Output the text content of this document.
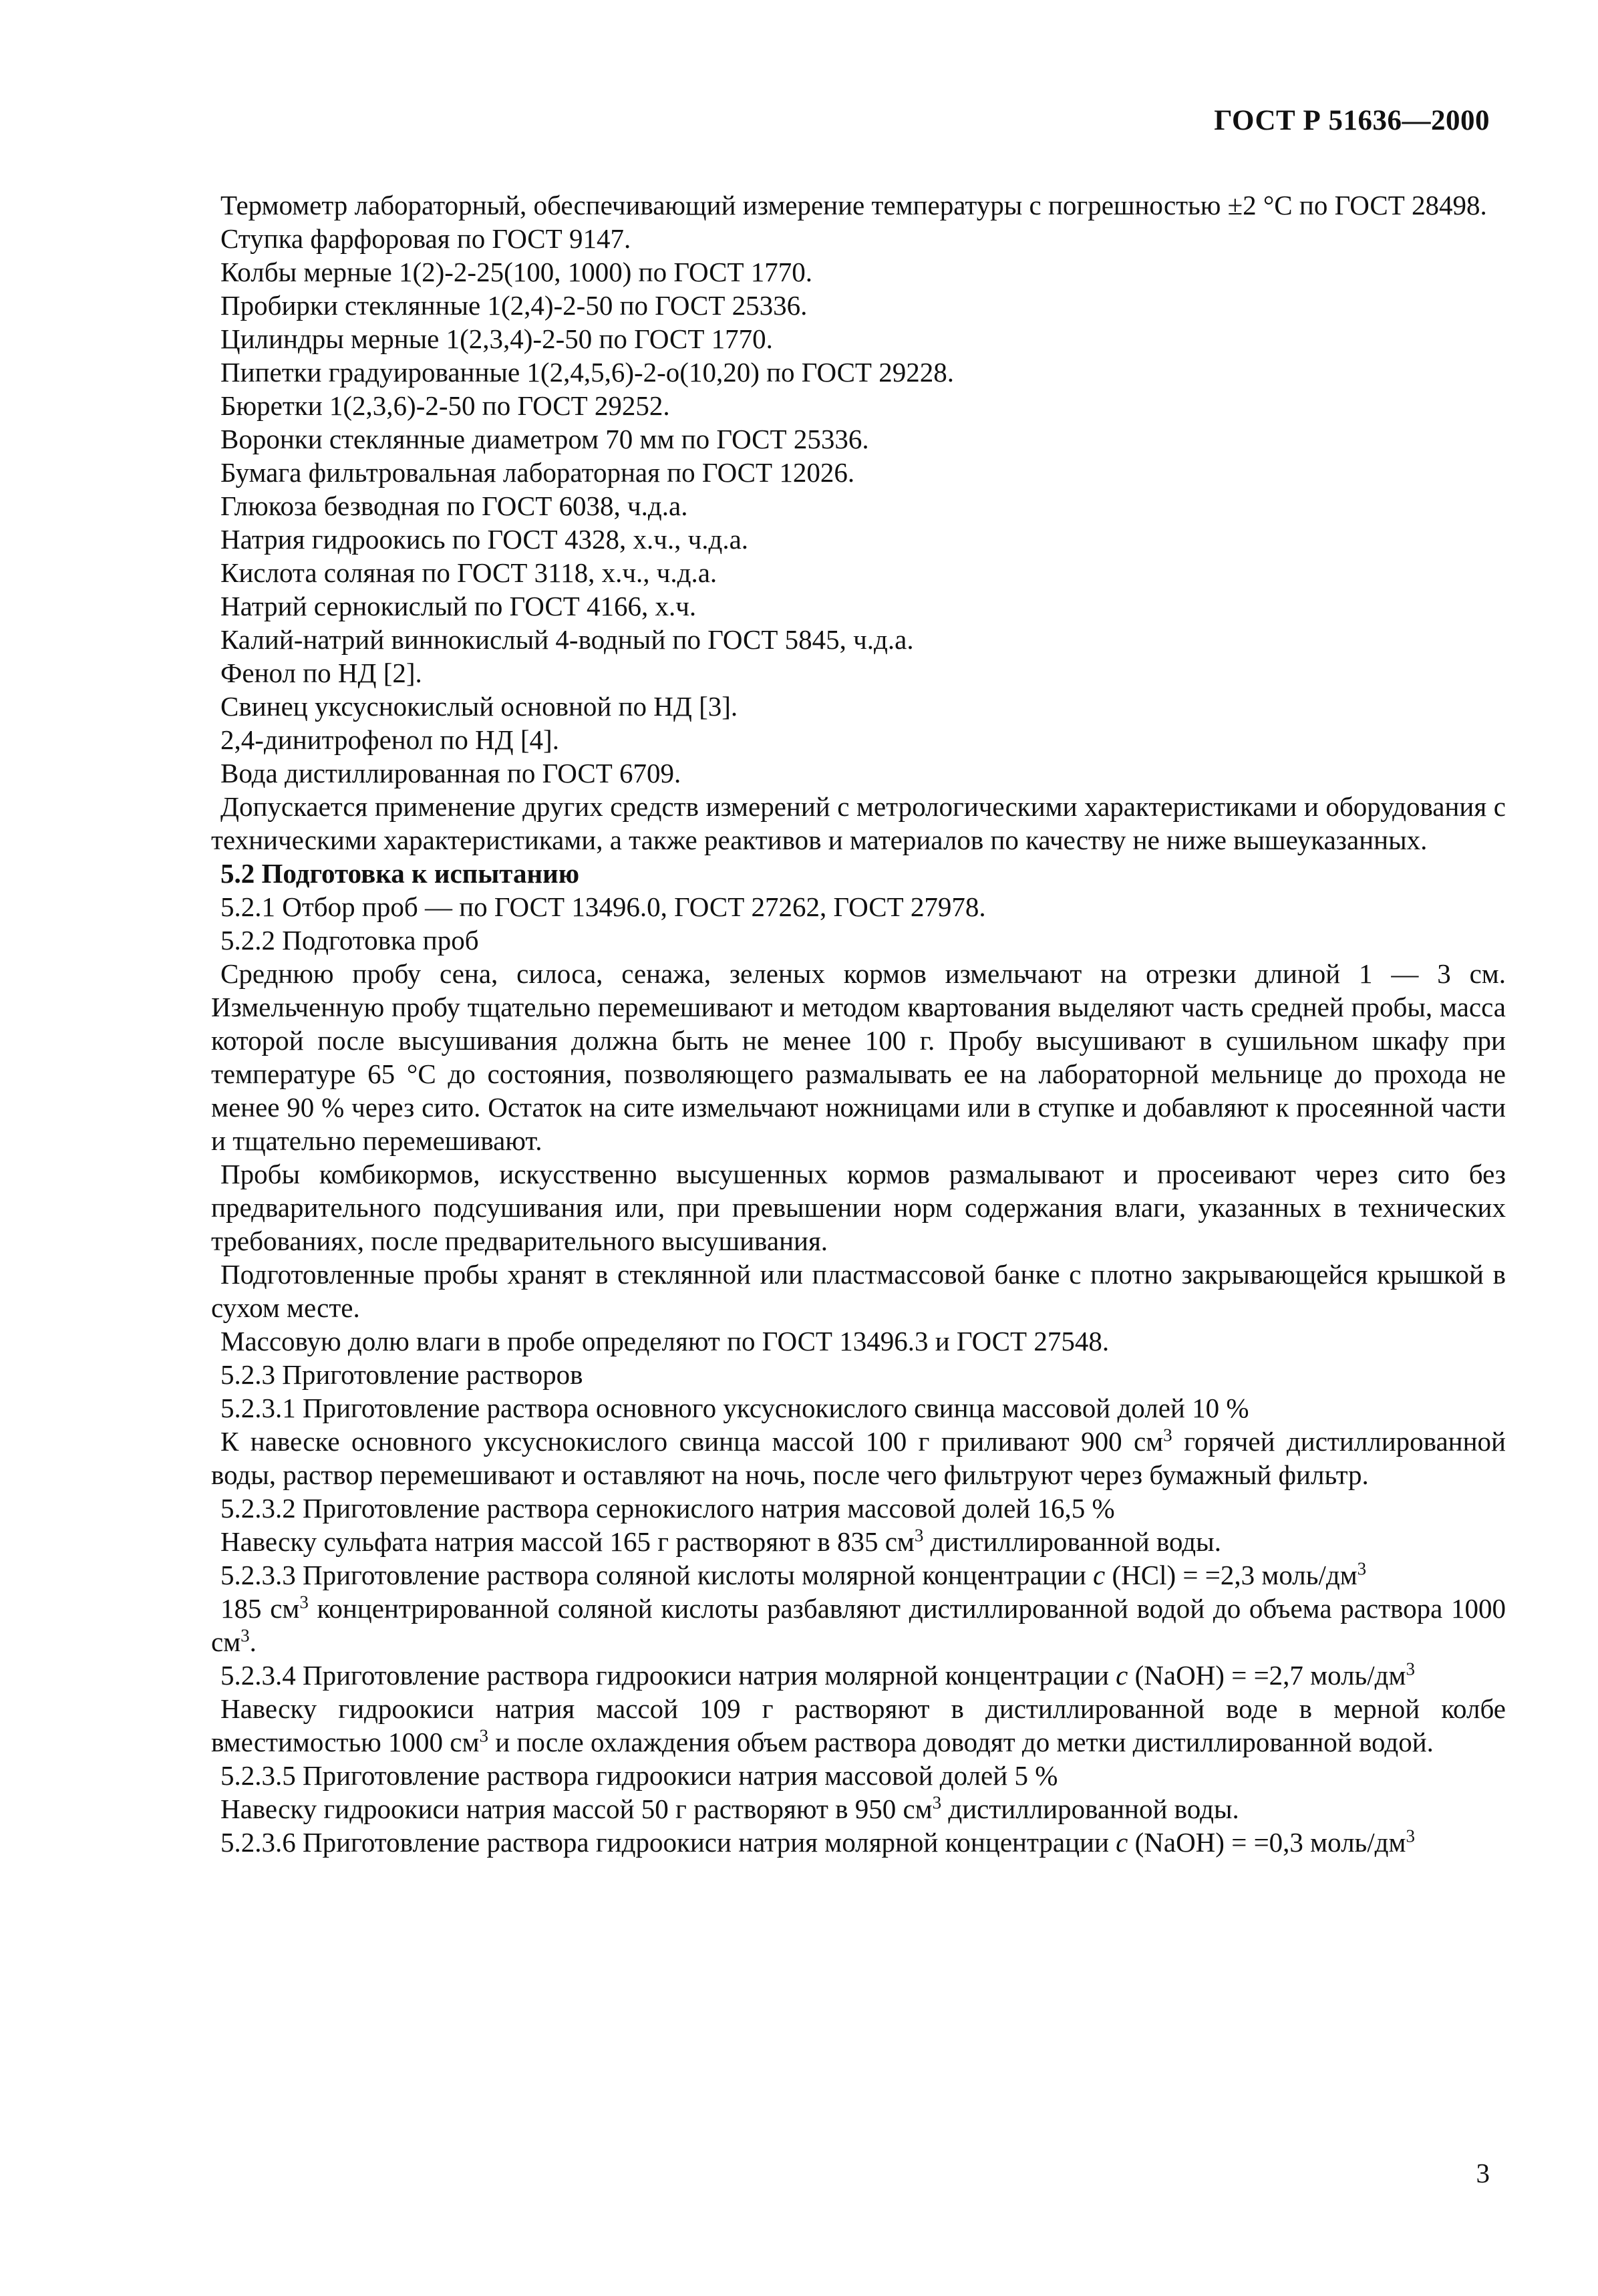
ГОСТ Р 51636—2000

Термометр лабораторный, обеспечивающий измерение температуры с погрешностью ±2 °C по ГОСТ 28498.

Ступка фарфоровая по ГОСТ 9147.

Колбы мерные 1(2)-2-25(100, 1000) по ГОСТ 1770.

Пробирки стеклянные 1(2,4)-2-50 по ГОСТ 25336.

Цилиндры мерные 1(2,3,4)-2-50 по ГОСТ 1770.

Пипетки градуированные 1(2,4,5,6)-2-о(10,20) по ГОСТ 29228.

Бюретки 1(2,3,6)-2-50 по ГОСТ 29252.

Воронки стеклянные диаметром 70 мм по ГОСТ 25336.

Бумага фильтровальная лабораторная по ГОСТ 12026.

Глюкоза безводная по ГОСТ 6038, ч.д.а.

Натрия гидроокись по ГОСТ 4328, х.ч., ч.д.а.

Кислота соляная по ГОСТ 3118, х.ч., ч.д.а.

Натрий сернокислый по ГОСТ 4166, х.ч.

Калий-натрий виннокислый 4-водный по ГОСТ 5845, ч.д.а.

Фенол по НД [2].

Свинец уксуснокислый основной по НД [3].

2,4-динитрофенол по НД [4].

Вода дистиллированная по ГОСТ 6709.

Допускается применение других средств измерений с метрологическими характеристиками и оборудования с техническими характеристиками, а также реактивов и материалов по качеству не ниже вышеуказанных.

5.2 Подготовка к испытанию

5.2.1 Отбор проб — по ГОСТ 13496.0, ГОСТ 27262, ГОСТ 27978.

5.2.2 Подготовка проб

Среднюю пробу сена, силоса, сенажа, зеленых кормов измельчают на отрезки длиной 1 — 3 см. Измельченную пробу тщательно перемешивают и методом квартования выделяют часть средней пробы, масса которой после высушивания должна быть не менее 100 г. Пробу высушивают в сушильном шкафу при температуре 65 °C до состояния, позволяющего размалывать ее на лабораторной мельнице до прохода не менее 90 % через сито. Остаток на сите измельчают ножницами или в ступке и добавляют к просеянной части и тщательно перемешивают.

Пробы комбикормов, искусственно высушенных кормов размалывают и просеивают через сито без предварительного подсушивания или, при превышении норм содержания влаги, указанных в технических требованиях, после предварительного высушивания.

Подготовленные пробы хранят в стеклянной или пластмассовой банке с плотно закрывающейся крышкой в сухом месте.

Массовую долю влаги в пробе определяют по ГОСТ 13496.3 и ГОСТ 27548.

5.2.3 Приготовление растворов

5.2.3.1 Приготовление раствора основного уксуснокислого свинца массовой долей 10 %

К навеске основного уксуснокислого свинца массой 100 г приливают 900 $см^3$ горячей дистиллированной воды, раствор перемешивают и оставляют на ночь, после чего фильтруют через бумажный фильтр.

5.2.3.2 Приготовление раствора сернокислого натрия массовой долей 16,5 %

Навеску сульфата натрия массой 165 г растворяют в 835 $см^3$ дистиллированной воды.

5.2.3.3 Приготовление раствора соляной кислоты молярной концентрации c (HCl) = =2,3 моль/$дм^3$

185 $см^3$ концентрированной соляной кислоты разбавляют дистиллированной водой до объема раствора 1000 $см^3$.

5.2.3.4 Приготовление раствора гидроокиси натрия молярной концентрации c (NaOH) = =2,7 моль/$дм^3$

Навеску гидроокиси натрия массой 109 г растворяют в дистиллированной воде в мерной колбе вместимостью 1000 $см^3$ и после охлаждения объем раствора доводят до метки дистиллированной водой.

5.2.3.5 Приготовление раствора гидроокиси натрия массовой долей 5 %

Навеску гидроокиси натрия массой 50 г растворяют в 950 $см^3$ дистиллированной воды.

5.2.3.6 Приготовление раствора гидроокиси натрия молярной концентрации c (NaOH) = =0,3 моль/$дм^3$

3
